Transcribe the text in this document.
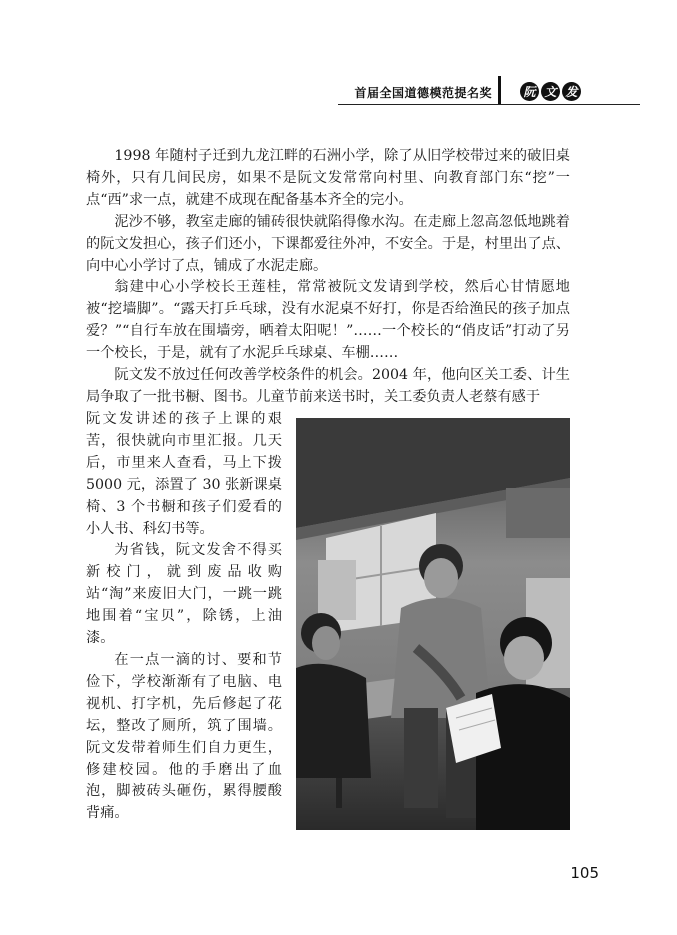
首届全国道德模范提名奖	阮 文 发

1998 年随村子迁到九龙江畔的石洲小学，除了从旧学校带过来的破旧桌椅外，只有几间民房，如果不是阮文发常常向村里、向教育部门东“挖”一点“西”求一点，就建不成现在配备基本齐全的完小。

泥沙不够，教室走廊的铺砖很快就陷得像水沟。在走廊上忽高忽低地跳着的阮文发担心，孩子们还小，下课都爱往外冲，不安全。于是，村里出了点、向中心小学讨了点，铺成了水泥走廊。

翁建中心小学校长王莲桂，常常被阮文发请到学校，然后心甘情愿地被“挖墙脚”。“露天打乒乓球，没有水泥桌不好打，你是否给渔民的孩子加点爱？”“自行车放在围墙旁，晒着太阳呢！”……一个校长的“俏皮话”打动了另一个校长，于是，就有了水泥乒乓球桌、车棚……

阮文发不放过任何改善学校条件的机会。2004 年，他向区关工委、计生局争取了一批书橱、图书。儿童节前来送书时，关工委负责人老蔡有感于

阮文发讲述的孩子上课的艰苦，很快就向市里汇报。几天后，市里来人查看，马上下拨 5000 元，添置了 30 张新课桌椅、3 个书橱和孩子们爱看的小人书、科幻书等。

为省钱，阮文发舍不得买新校门，就到废品收购站“淘”来废旧大门，一跳一跳地围着“宝贝”，除锈，上油漆。

在一点一滴的讨、要和节俭下，学校渐渐有了电脑、电视机、打字机，先后修起了花坛，整改了厕所，筑了围墙。阮文发带着师生们自力更生，修建校园。他的手磨出了血泡，脚被砖头砸伤，累得腰酸背痛。

105
